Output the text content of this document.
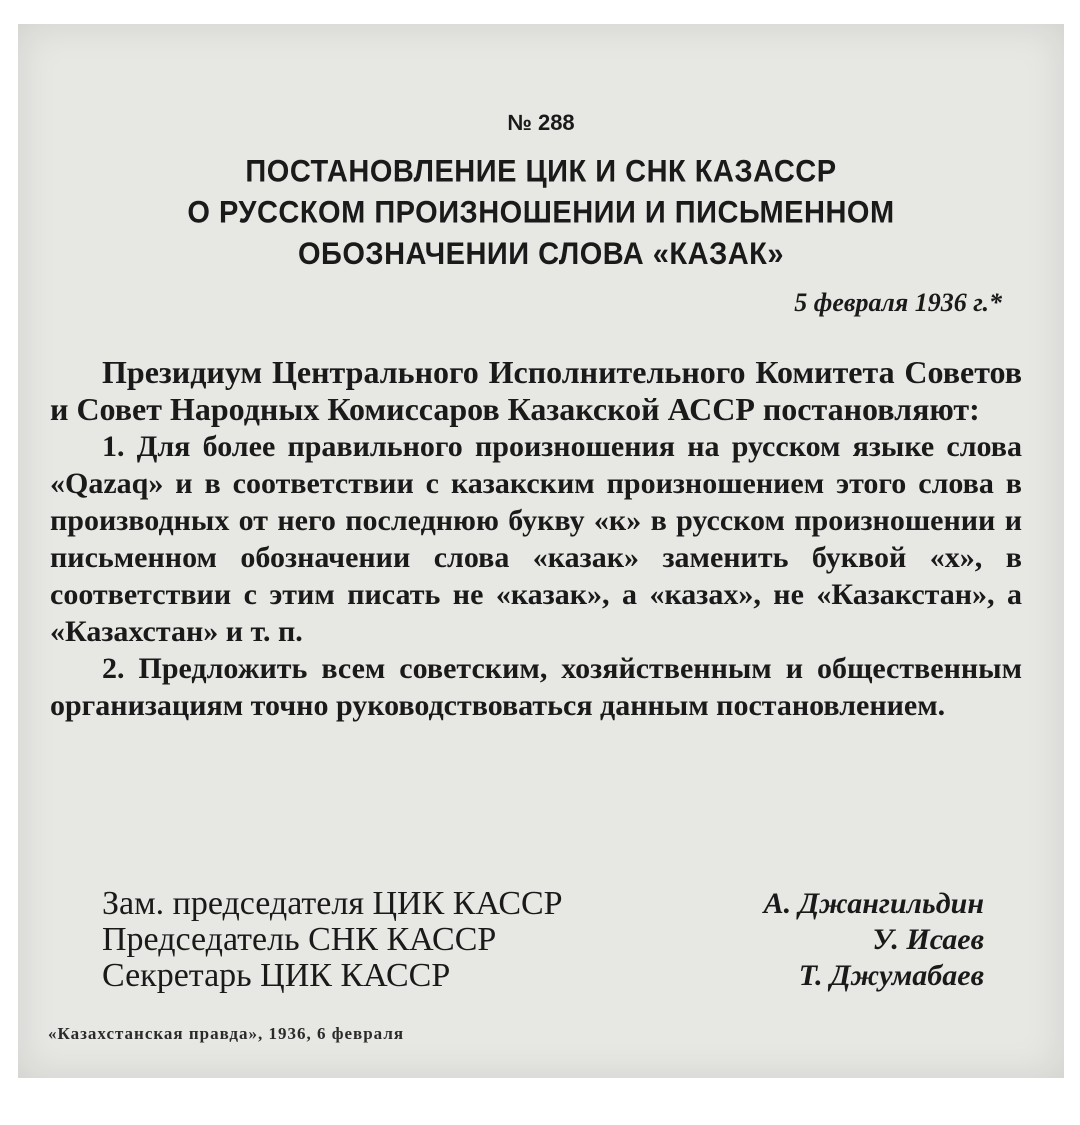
№ 288
ПОСТАНОВЛЕНИЕ ЦИК И СНК КАЗАССР
О РУССКОМ ПРОИЗНОШЕНИИ И ПИСЬМЕННОМ
ОБОЗНАЧЕНИИ СЛОВА «КАЗАК»
5 февраля 1936 г.*

Президиум Центрального Исполнительного Комитета Советов и Совет Народных Комиссаров Казакской АССР постановляют:

1. Для более правильного произношения на русском языке слова «Qazaq» и в соответствии с казакским произношением этого слова в производных от него последнюю букву «к» в русском произношении и письменном обозначении слова «казак» заменить буквой «х», в соответствии с этим писать не «казак», а «казах», не «Казакстан», а «Казахстан» и т. п.

2. Предложить всем советским, хозяйственным и общественным организациям точно руководствоваться данным постановлением.

Зам. председателя ЦИК КАССР	А. Джангильдин
Председатель СНК КАССР	У. Исаев
Секретарь ЦИК КАССР	Т. Джумабаев
«Казахстанская правда», 1936, 6 февраля
